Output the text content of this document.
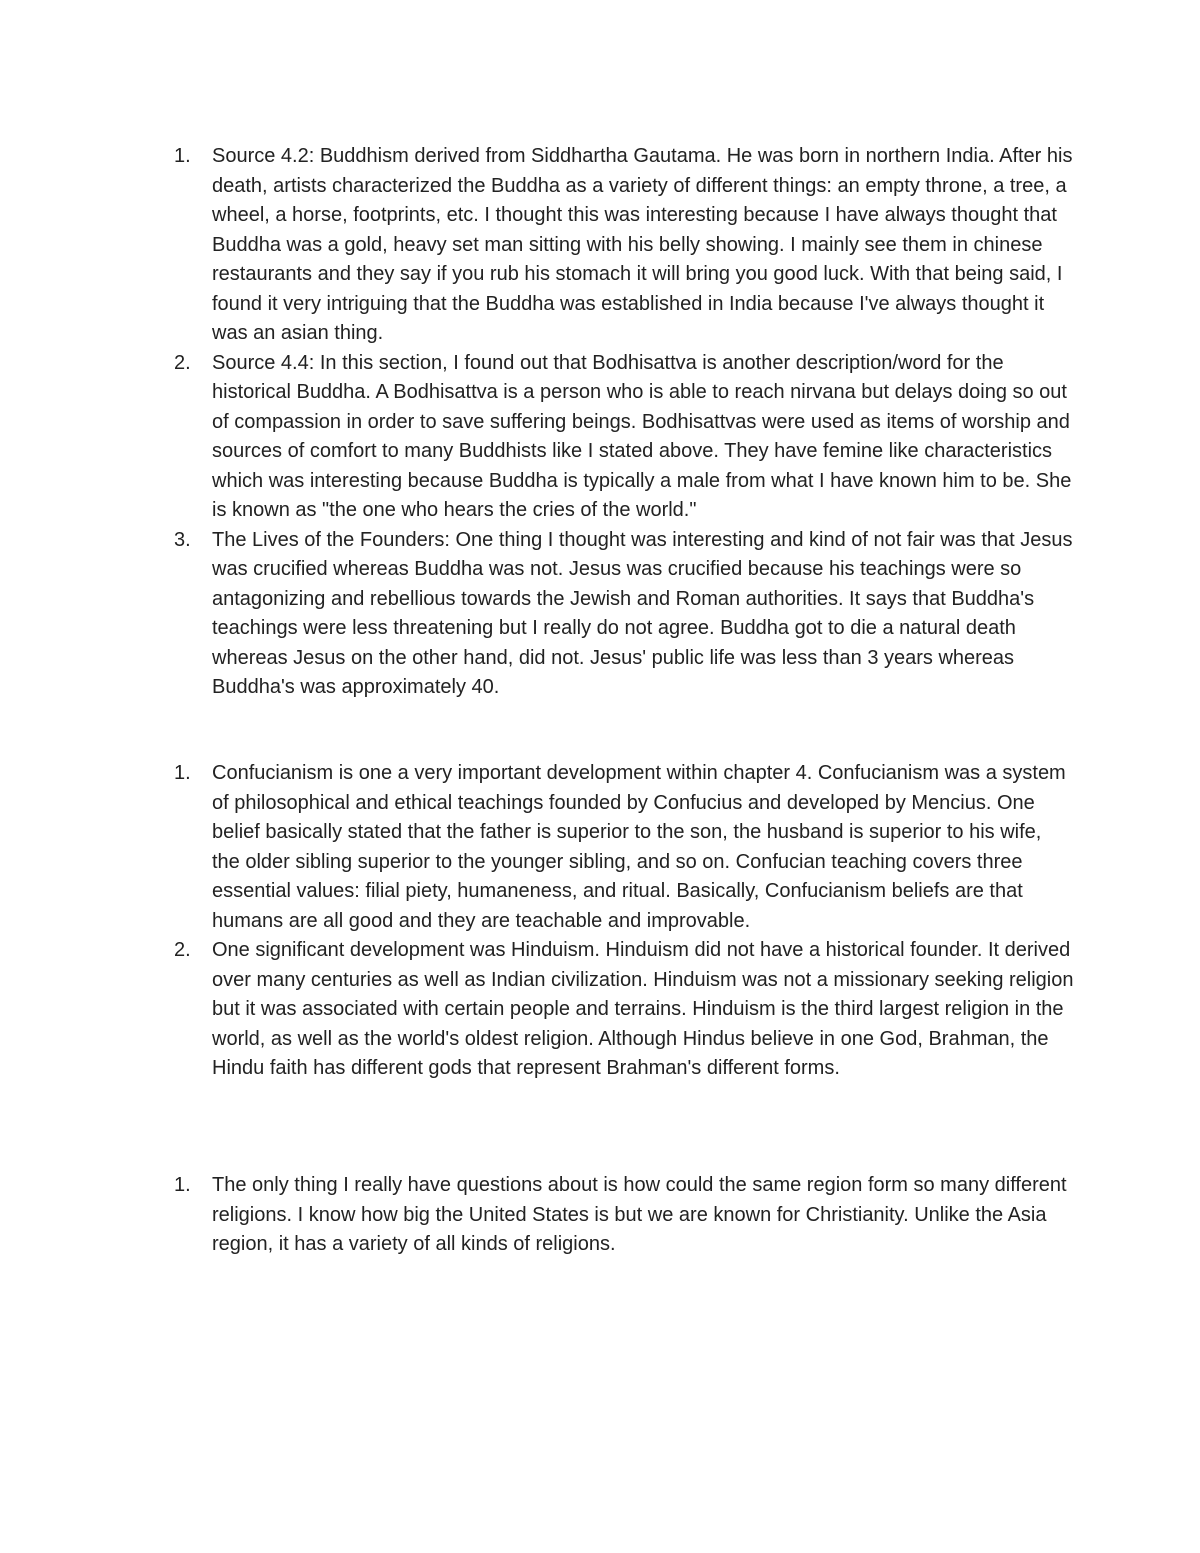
1.	Source 4.2: Buddhism derived from Siddhartha Gautama. He was born in northern India. After his death, artists characterized the Buddha as a variety of different things: an empty throne, a tree, a wheel, a horse, footprints, etc. I thought this was interesting because I have always thought that Buddha was a gold, heavy set man sitting with his belly showing. I mainly see them in chinese restaurants and they say if you rub his stomach it will bring you good luck. With that being said, I found it very intriguing that the Buddha was established in India because I've always thought it was an asian thing.
2.	Source 4.4: In this section, I found out that Bodhisattva is another description/word for the historical Buddha. A Bodhisattva is a person who is able to reach nirvana but delays doing so out of compassion in order to save suffering beings. Bodhisattvas were used as items of worship and sources of comfort to many Buddhists like I stated above. They have femine like characteristics which was interesting because Buddha is typically a male from what I have known him to be. She is known as "the one who hears the cries of the world."
3.	The Lives of the Founders: One thing I thought was interesting and kind of not fair was that Jesus was crucified whereas Buddha was not. Jesus was crucified because his teachings were so antagonizing and rebellious towards the Jewish and Roman authorities. It says that Buddha's teachings were less threatening but I really do not agree. Buddha got to die a natural death whereas Jesus on the other hand, did not. Jesus' public life was less than 3 years whereas Buddha's was approximately 40.
1.	Confucianism is one a very important development within chapter 4. Confucianism was a system of philosophical and ethical teachings founded by Confucius and developed by Mencius. One belief basically stated that the father is superior to the son, the husband is superior to his wife, the older sibling superior to the younger sibling, and so on. Confucian teaching covers three essential values: filial piety, humaneness, and ritual. Basically, Confucianism beliefs are that humans are all good and they are teachable and improvable.
2.	One significant development was Hinduism. Hinduism did not have a historical founder. It derived over many centuries as well as Indian civilization. Hinduism was not a missionary seeking religion but it was associated with certain people and terrains. Hinduism is the third largest religion in the world, as well as the world's oldest religion. Although Hindus believe in one God, Brahman, the Hindu faith has different gods that represent Brahman's different forms.
1.	The only thing I really have questions about is how could the same region form so many different religions. I know how big the United States is but we are known for Christianity. Unlike the Asia region, it has a variety of all kinds of religions.
